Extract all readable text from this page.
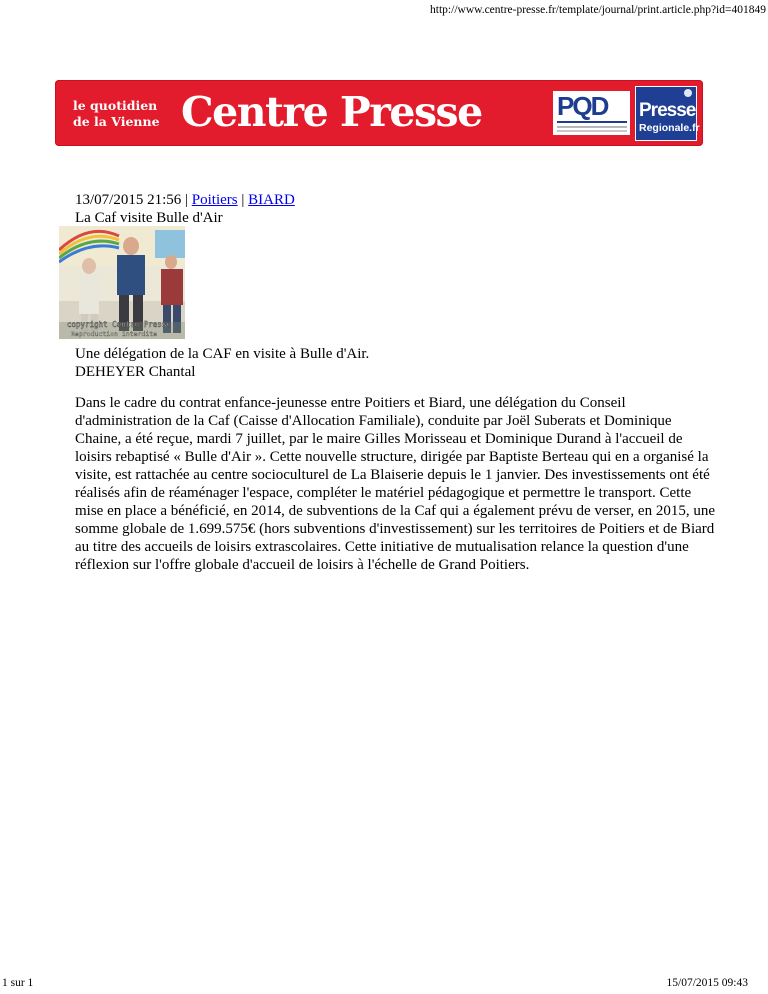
http://www.centre-presse.fr/template/journal/print.article.php?id=401849
le quotidien
de la Vienne Centre Presse	PQD Presse
Regionale.fr
13/07/2015 21:56 | Poitiers | BIARD
La Caf visite Bulle d'Air
copyright Centre Presse
Reproduction interdite
Une délégation de la CAF en visite à Bulle d'Air.
DEHEYER Chantal

Dans le cadre du contrat enfance-jeunesse entre Poitiers et Biard, une délégation du Conseil d'administration de la Caf (Caisse d'Allocation Familiale), conduite par Joël Suberats et Dominique Chaine, a été reçue, mardi 7 juillet, par le maire Gilles Morisseau et Dominique Durand à l'accueil de loisirs rebaptisé « Bulle d'Air ». Cette nouvelle structure, dirigée par Baptiste Berteau qui en a organisé la visite, est rattachée au centre socioculturel de La Blaiserie depuis le 1 janvier. Des investissements ont été réalisés afin de réaménager l'espace, compléter le matériel pédagogique et permettre le transport. Cette mise en place a bénéficié, en 2014, de subventions de la Caf qui a également prévu de verser, en 2015, une somme globale de 1.699.575€ (hors subventions d'investissement) sur les territoires de Poitiers et de Biard au titre des accueils de loisirs extrascolaires. Cette initiative de mutualisation relance la question d'une réflexion sur l'offre globale d'accueil de loisirs à l'échelle de Grand Poitiers.

1 sur 1	15/07/2015 09:43
